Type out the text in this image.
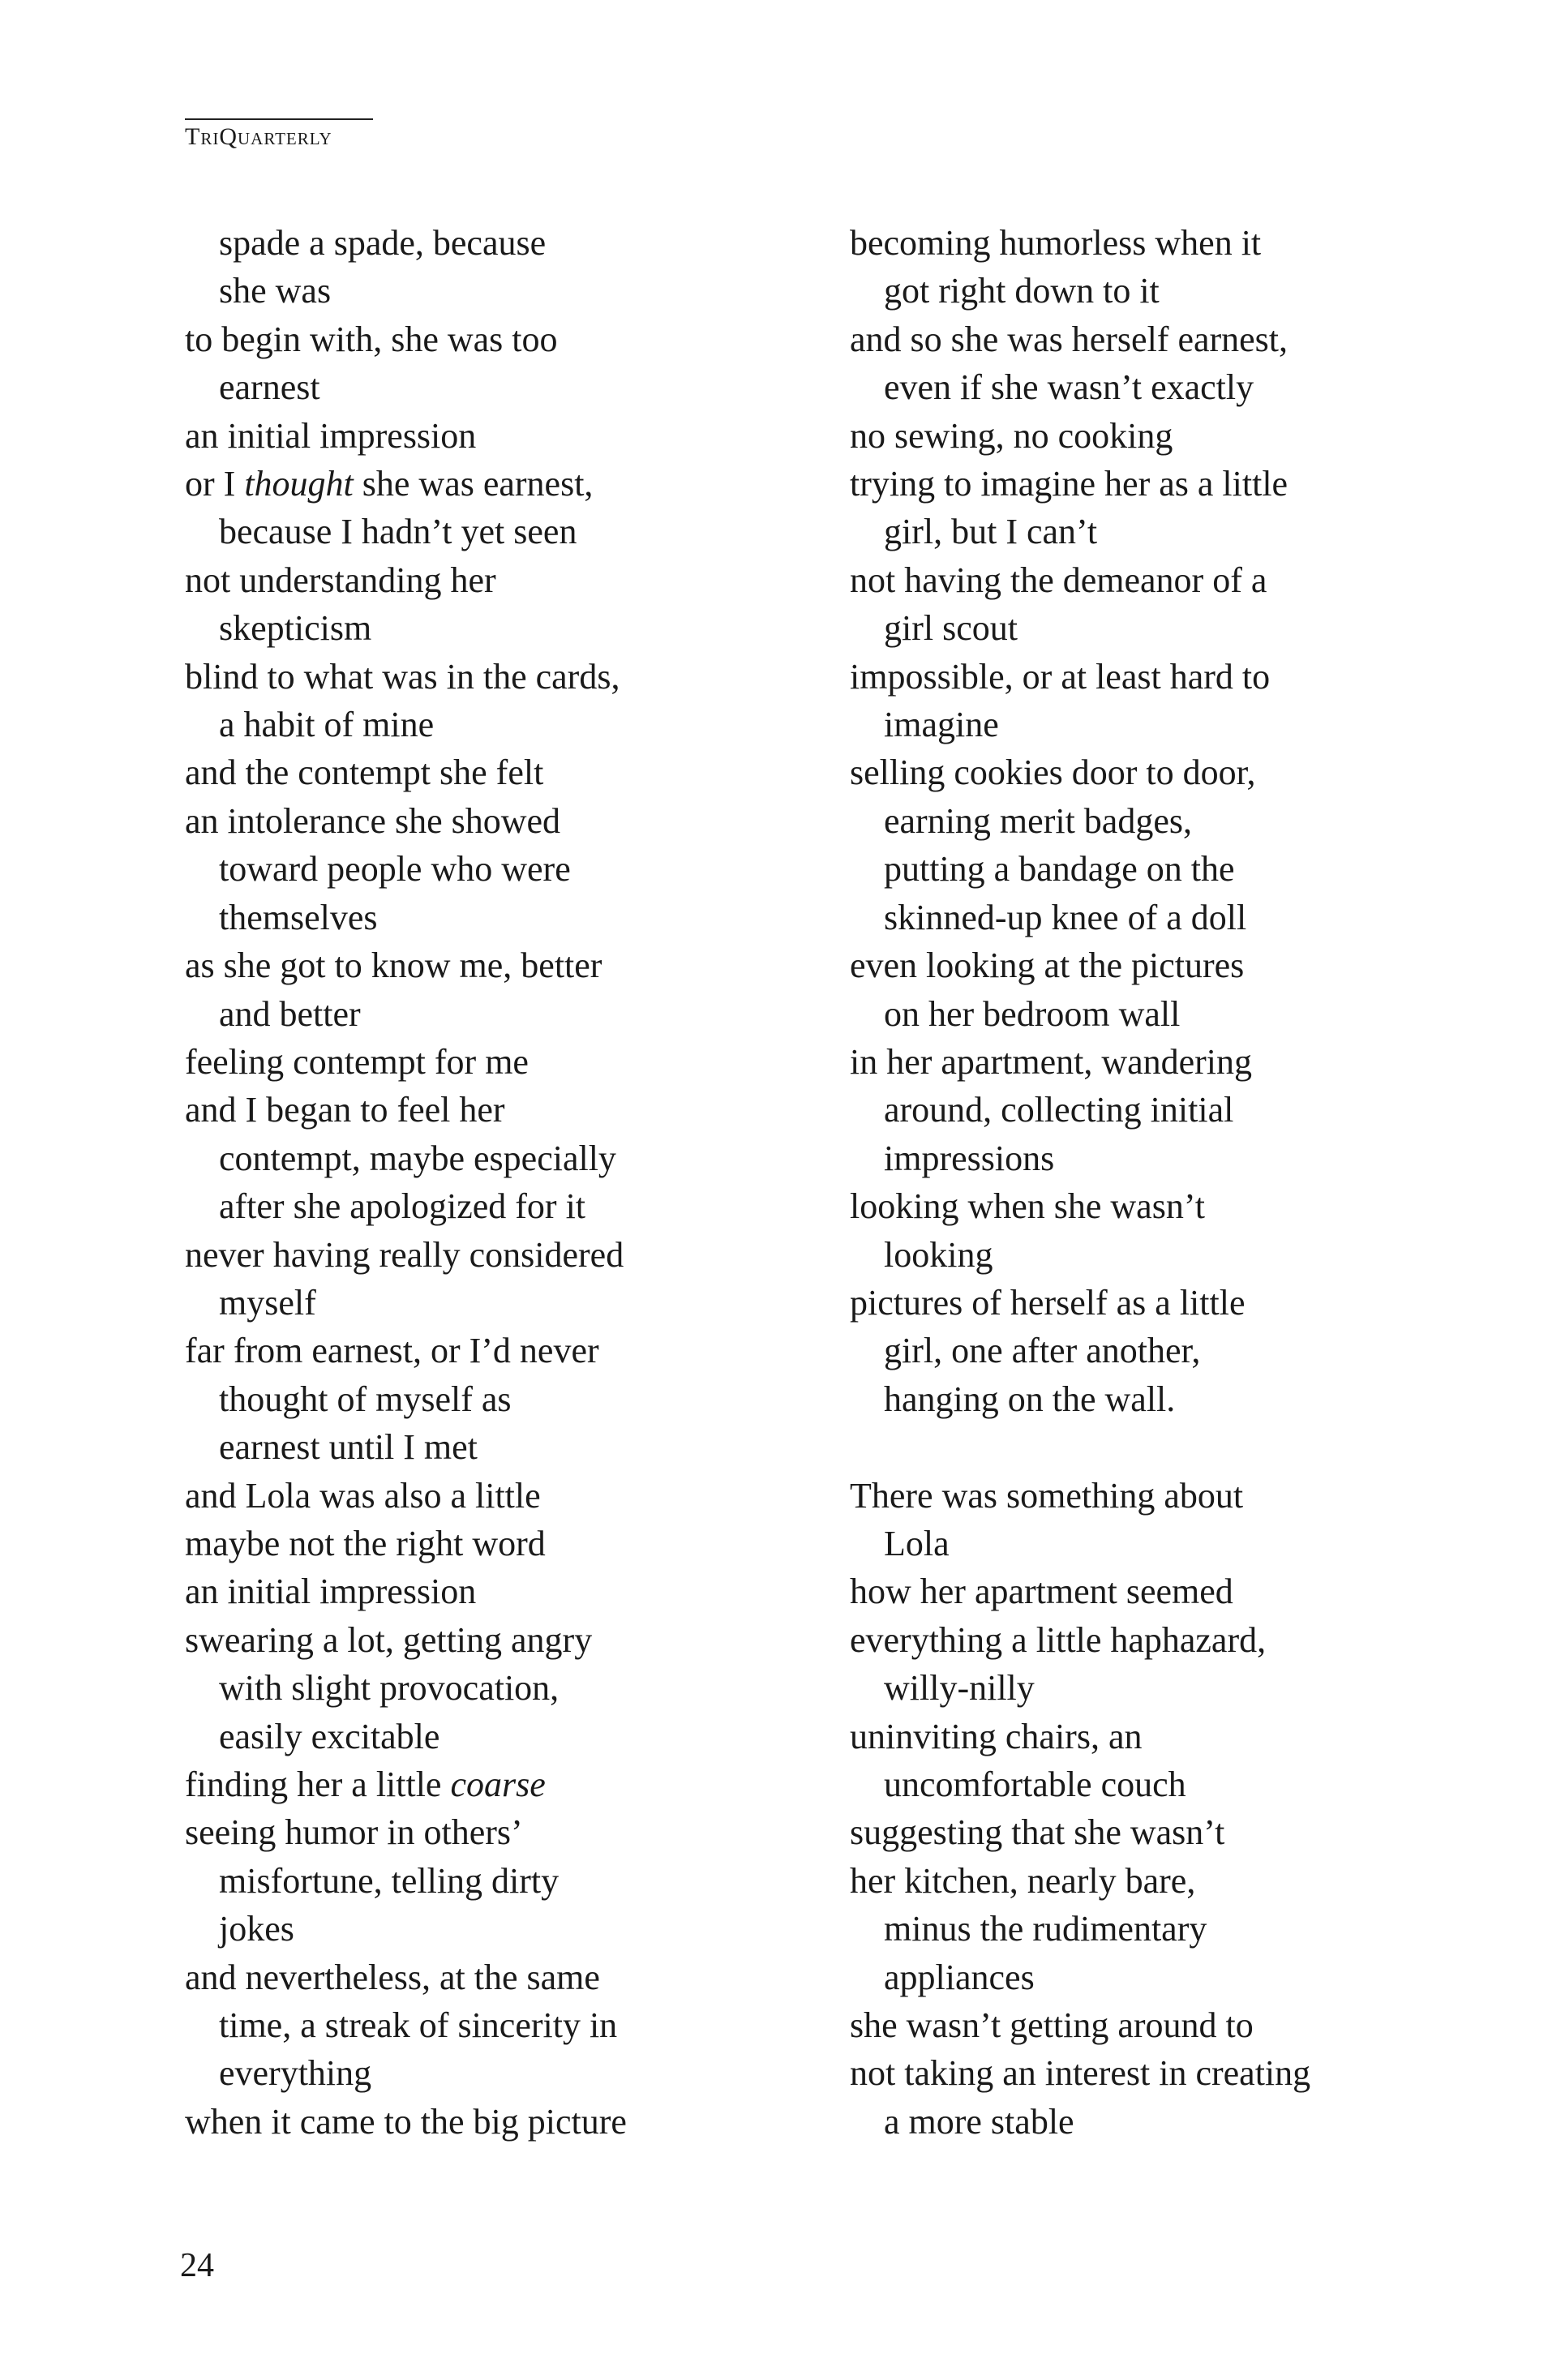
TriQuarterly
spade a spade, because
she was
to begin with, she was too
earnest
an initial impression
or I thought she was earnest,
because I hadn’t yet seen
not understanding her
skepticism
blind to what was in the cards,
a habit of mine
and the contempt she felt
an intolerance she showed
toward people who were
themselves
as she got to know me, better
and better
feeling contempt for me
and I began to feel her
contempt, maybe especially
after she apologized for it
never having really considered
myself
far from earnest, or I’d never
thought of myself as
earnest until I met
and Lola was also a little
maybe not the right word
an initial impression
swearing a lot, getting angry
with slight provocation,
easily excitable
finding her a little coarse
seeing humor in others’
misfortune, telling dirty
jokes
and nevertheless, at the same
time, a streak of sincerity in
everything
when it came to the big picture
becoming humorless when it
got right down to it
and so she was herself earnest,
even if she wasn’t exactly
no sewing, no cooking
trying to imagine her as a little
girl, but I can’t
not having the demeanor of a
girl scout
impossible, or at least hard to
imagine
selling cookies door to door,
earning merit badges,
putting a bandage on the
skinned-up knee of a doll
even looking at the pictures
on her bedroom wall
in her apartment, wandering
around, collecting initial
impressions
looking when she wasn’t
looking
pictures of herself as a little
girl, one after another,
hanging on the wall.
There was something about
Lola
how her apartment seemed
everything a little haphazard,
willy-nilly
uninviting chairs, an
uncomfortable couch
suggesting that she wasn’t
her kitchen, nearly bare,
minus the rudimentary
appliances
she wasn’t getting around to
not taking an interest in creating
a more stable
24
